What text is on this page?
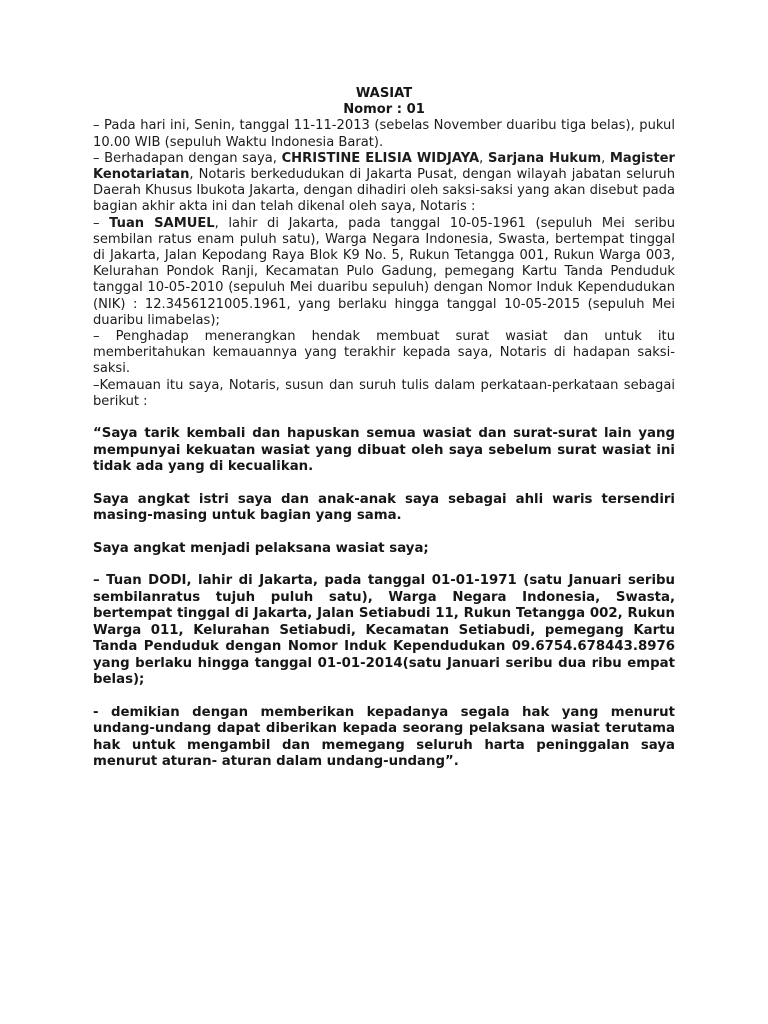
WASIAT

Nomor : 01

– Pada hari ini, Senin, tanggal 11-11-2013 (sebelas November duaribu tiga belas), pukul 10.00 WIB (sepuluh Waktu Indonesia Barat).

– Berhadapan dengan saya, CHRISTINE ELISIA WIDJAYA, Sarjana Hukum, Magister Kenotariatan, Notaris berkedudukan di Jakarta Pusat, dengan wilayah jabatan seluruh Daerah Khusus Ibukota Jakarta, dengan dihadiri oleh saksi-saksi yang akan disebut pada bagian akhir akta ini dan telah dikenal oleh saya, Notaris :

– Tuan SAMUEL, lahir di Jakarta, pada tanggal 10-05-1961 (sepuluh Mei seribu sembilan ratus enam puluh satu), Warga Negara Indonesia, Swasta, bertempat tinggal di Jakarta, Jalan Kepodang Raya Blok K9 No. 5, Rukun Tetangga 001, Rukun Warga 003, Kelurahan Pondok Ranji, Kecamatan Pulo Gadung, pemegang Kartu Tanda Penduduk tanggal 10-05-2010 (sepuluh Mei duaribu sepuluh) dengan Nomor Induk Kependudukan (NIK) : 12.3456121005.1961, yang berlaku hingga tanggal 10-05-2015 (sepuluh Mei duaribu limabelas);

– Penghadap menerangkan hendak membuat surat wasiat dan untuk itu memberitahukan kemauannya yang terakhir kepada saya, Notaris di hadapan saksi-saksi.

–Kemauan itu saya, Notaris, susun dan suruh tulis dalam perkataan-perkataan sebagai berikut :

“Saya tarik kembali dan hapuskan semua wasiat dan surat-surat lain yang mempunyai kekuatan wasiat yang dibuat oleh saya sebelum surat wasiat ini tidak ada yang di kecualikan.

Saya angkat istri saya dan anak-anak saya sebagai ahli waris tersendiri masing-masing untuk bagian yang sama.

Saya angkat menjadi pelaksana wasiat saya;

– Tuan DODI, lahir di Jakarta, pada tanggal 01-01-1971 (satu Januari seribu sembilanratus tujuh puluh satu), Warga Negara Indonesia, Swasta, bertempat tinggal di Jakarta, Jalan Setiabudi 11, Rukun Tetangga 002, Rukun Warga 011, Kelurahan Setiabudi, Kecamatan Setiabudi, pemegang Kartu Tanda Penduduk dengan Nomor Induk Kependudukan 09.6754.678443.8976 yang berlaku hingga tanggal 01-01-2014(satu Januari seribu dua ribu empat belas);

- demikian dengan memberikan kepadanya segala hak yang menurut undang-undang dapat diberikan kepada seorang pelaksana wasiat terutama hak untuk mengambil dan memegang seluruh harta peninggalan saya menurut aturan- aturan dalam undang-undang”.
